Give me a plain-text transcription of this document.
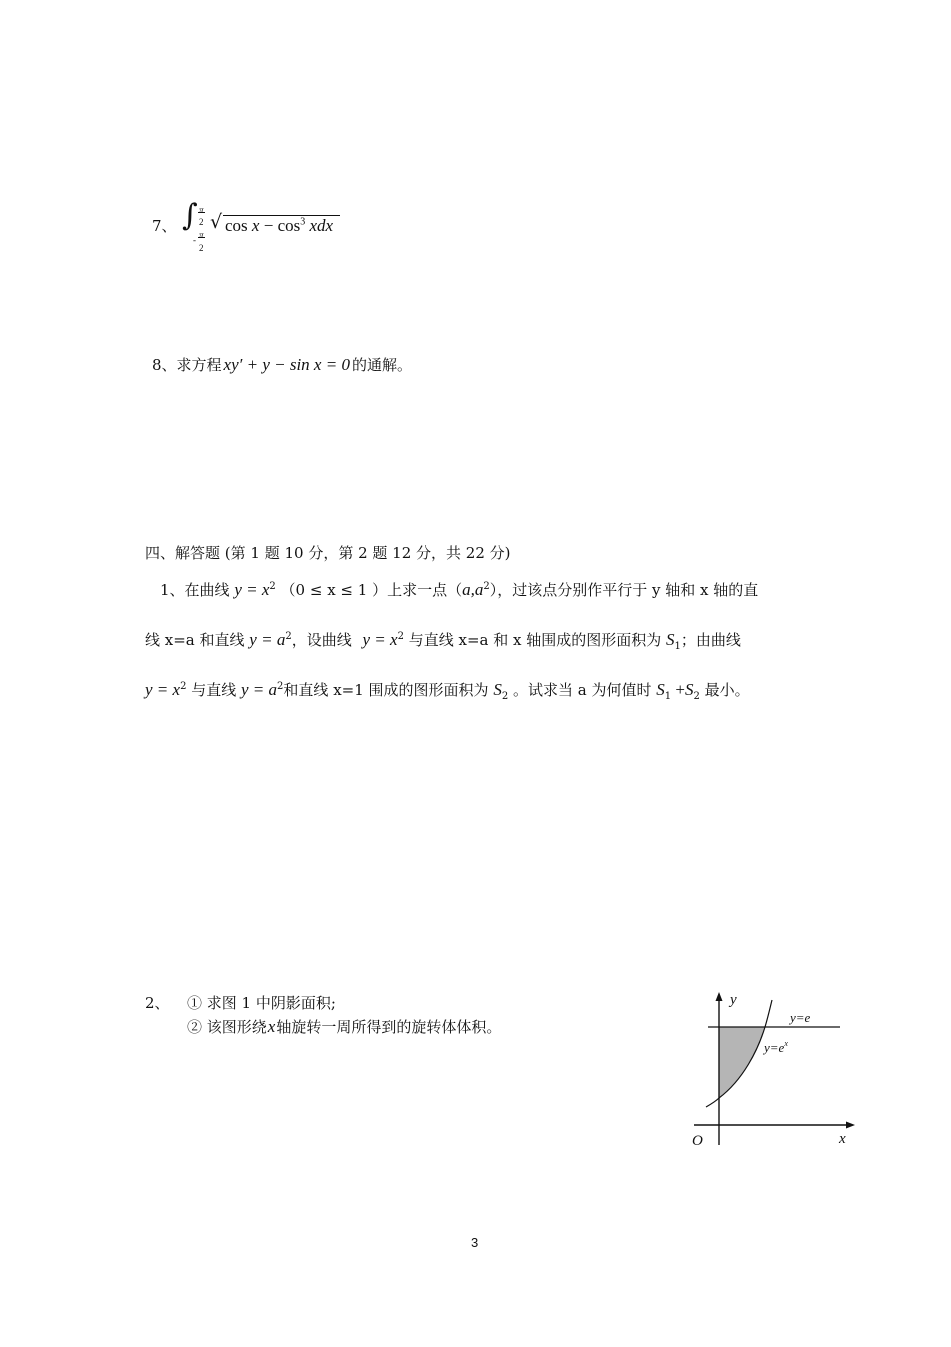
7、 ∫ π
2
- π
2
√ $\cos x - \cos^3$ xdx
8、求方程 xy′ + y − sin x = 0 的通解。
四、解答题 (第 1 题 10 分，第 2 题 12 分，共 22 分)
1、在曲线 $y = x^2$ （0 ≤ x ≤ 1 ）上求一点$(a,a^2)$，过该点分别作平行于 y 轴和 x 轴的直
线 x=a 和直线 $y = a^2$，设曲线 $y = x^2$ 与直线 x=a 和 x 轴围成的图形面积为 $S_1$；由曲线
$y = x^2$ 与直线 $y = a^2$和直线 x=1 围成的图形面积为 $S_2$ 。试求当 a 为何值时 $S_1 +S_2$ 最小。
2、 ① 求图 1 中阴影面积;
② 该图形绕x轴旋转一周所得到的旋转体体积。
y
x
O
y=e
$y=e^x$
3
